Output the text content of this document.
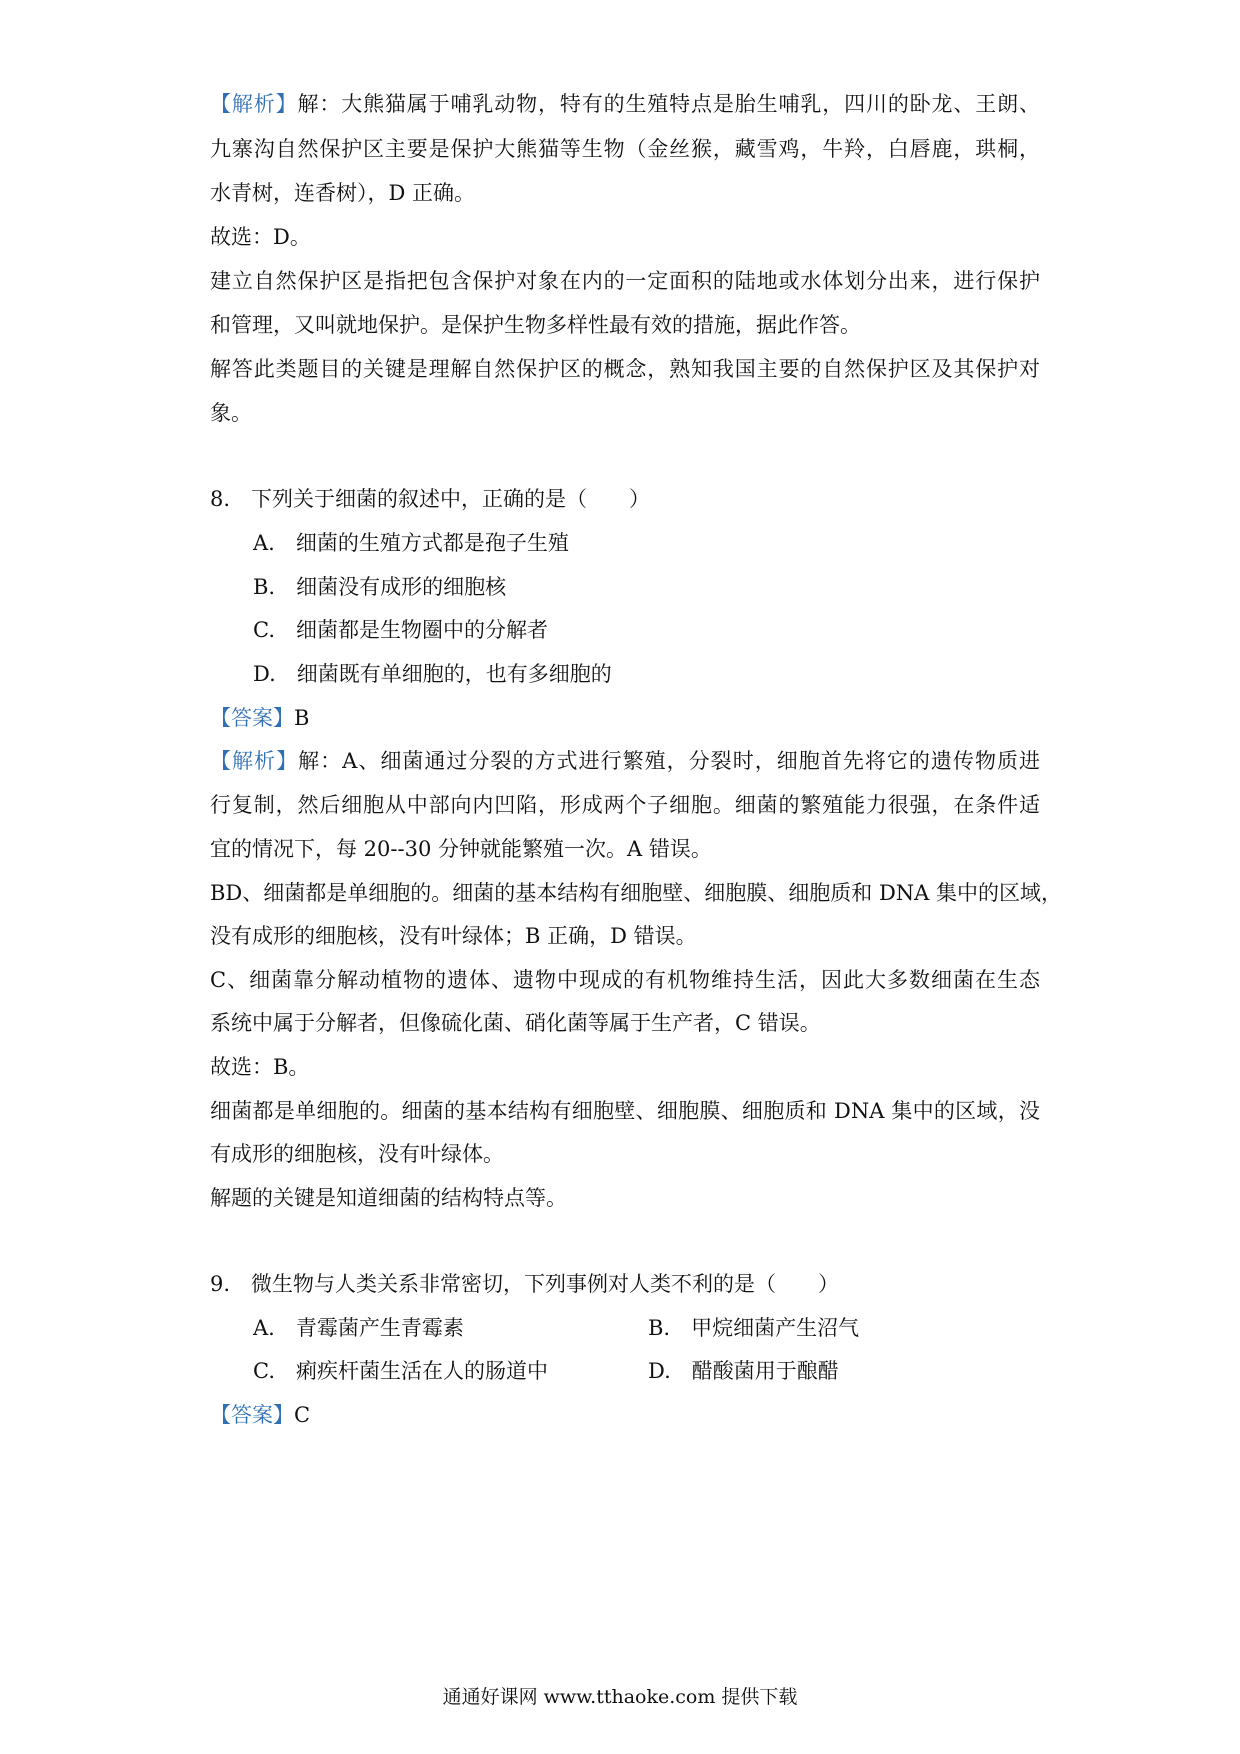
【解析】解：大熊猫属于哺乳动物，特有的生殖特点是胎生哺乳，四川的卧龙、王朗、
九寨沟自然保护区主要是保护大熊猫等生物（金丝猴，藏雪鸡，牛羚，白唇鹿，珙桐，
水青树，连香树），D 正确。
故选：D。
建立自然保护区是指把包含保护对象在内的一定面积的陆地或水体划分出来，进行保护
和管理，又叫就地保护。是保护生物多样性最有效的措施，据此作答。
解答此类题目的关键是理解自然保护区的概念，熟知我国主要的自然保护区及其保护对
象。
8.　下列关于细菌的叙述中，正确的是（　　）
A.　细菌的生殖方式都是孢子生殖
B.　细菌没有成形的细胞核
C.　细菌都是生物圈中的分解者
D.　细菌既有单细胞的，也有多细胞的
【答案】B
【解析】解：A、细菌通过分裂的方式进行繁殖，分裂时，细胞首先将它的遗传物质进
行复制，然后细胞从中部向内凹陷，形成两个子细胞。细菌的繁殖能力很强，在条件适
宜的情况下，每 20--30 分钟就能繁殖一次。A 错误。
BD、细菌都是单细胞的。细菌的基本结构有细胞壁、细胞膜、细胞质和 DNA 集中的区域，
没有成形的细胞核，没有叶绿体；B 正确，D 错误。
C、细菌靠分解动植物的遗体、遗物中现成的有机物维持生活，因此大多数细菌在生态
系统中属于分解者，但像硫化菌、硝化菌等属于生产者，C 错误。
故选：B。
细菌都是单细胞的。细菌的基本结构有细胞壁、细胞膜、细胞质和 DNA 集中的区域，没
有成形的细胞核，没有叶绿体。
解题的关键是知道细菌的结构特点等。
9.　微生物与人类关系非常密切，下列事例对人类不利的是（　　）
A.　青霉菌产生青霉素	B.　甲烷细菌产生沼气
C.　痢疾杆菌生活在人的肠道中	D.　醋酸菌用于酿醋
【答案】C
通通好课网 www.tthaoke.com 提供下载
